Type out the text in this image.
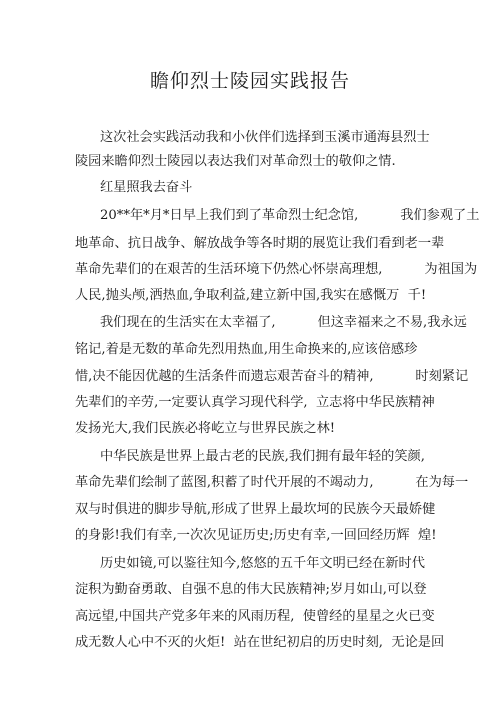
瞻仰烈士陵园实践报告

这次社会实践活动我和小伙伴们选择到玉溪市通海县烈士

陵园来瞻仰烈士陵园以表达我们对革命烈士的敬仰之情.

红星照我去奋斗

20**年*月*日早上我们到了革命烈士纪念馆,          我们参观了土

地革命、抗日战争、解放战争等各时期的展览让我们看到老一辈

革命先辈们的在艰苦的生活环境下仍然心怀崇高理想,          为祖国为

人民,抛头颅,洒热血,争取利益,建立新中国,我实在感慨万  千!

我们现在的生活实在太幸福了,          但这幸福来之不易,我永远

铭记,着是无数的革命先烈用热血,用生命换来的,应该倍感珍

惜,决不能因优越的生活条件而遗忘艰苦奋斗的精神,          时刻紧记

先辈们的辛劳,一定要认真学习现代科学,  立志将中华民族精神

发扬光大,我们民族必将屹立与世界民族之林!

中华民族是世界上最古老的民族,我们拥有最年轻的笑颜,

革命先辈们绘制了蓝图,积蓄了时代开展的不竭动力,          在为每一

双与时俱进的脚步导航,形成了世界上最坎坷的民族今天最娇健

的身影!我们有幸,一次次见证历史;历史有幸,一回回经历辉  煌!

历史如镜,可以鉴往知今,悠悠的五千年文明已经在新时代

淀积为勤奋勇敢、自强不息的伟大民族精神;岁月如山,可以登

高远望,中国共产党多年来的风雨历程,  使曾经的星星之火已变

成无数人心中不灭的火炬!  站在世纪初启的历史时刻,  无论是回
